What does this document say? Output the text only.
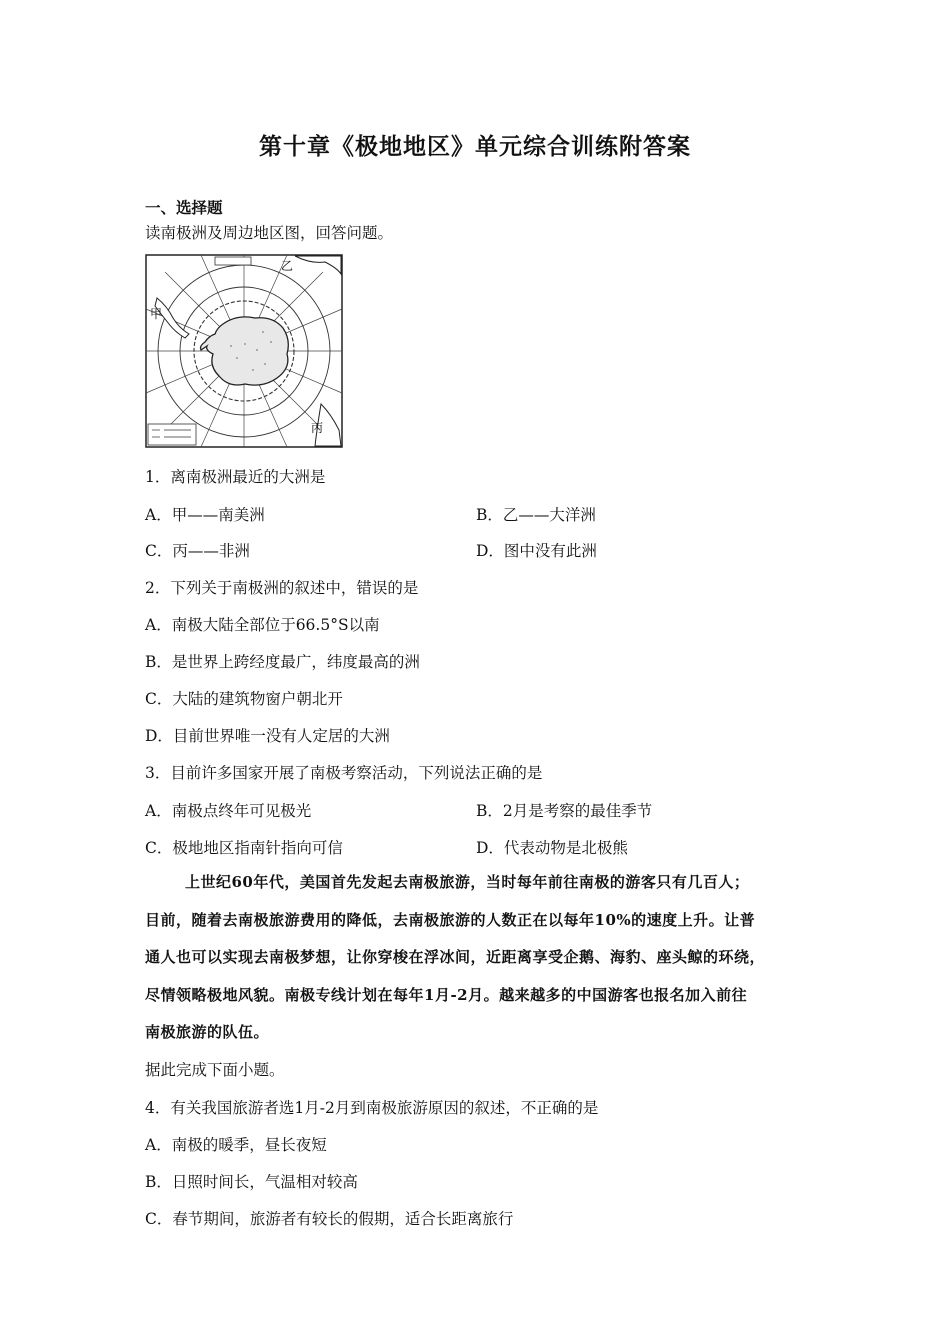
第十章《极地地区》单元综合训练附答案
一、选择题
读南极洲及周边地区图，回答问题。
甲
乙
丙
1．离南极洲最近的大洲是
A．甲——南美洲	B．乙——大洋洲
C．丙——非洲	D．图中没有此洲
2．下列关于南极洲的叙述中，错误的是
A．南极大陆全部位于66.5°S以南
B．是世界上跨经度最广，纬度最高的洲
C．大陆的建筑物窗户朝北开
D．目前世界唯一没有人定居的大洲
3．目前许多国家开展了南极考察活动，下列说法正确的是
A．南极点终年可见极光	B．2月是考察的最佳季节
C．极地地区指南针指向可信	D．代表动物是北极熊
上世纪60年代，美国首先发起去南极旅游，当时每年前往南极的游客只有几百人；
目前，随着去南极旅游费用的降低，去南极旅游的人数正在以每年10%的速度上升。让普
通人也可以实现去南极梦想，让你穿梭在浮冰间，近距离享受企鹅、海豹、座头鲸的环绕，
尽情领略极地风貌。南极专线计划在每年1月-2月。越来越多的中国游客也报名加入前往
南极旅游的队伍。
据此完成下面小题。
4．有关我国旅游者选1月-2月到南极旅游原因的叙述，不正确的是
A．南极的暖季，昼长夜短
B．日照时间长，气温相对较高
C．春节期间，旅游者有较长的假期，适合长距离旅行
